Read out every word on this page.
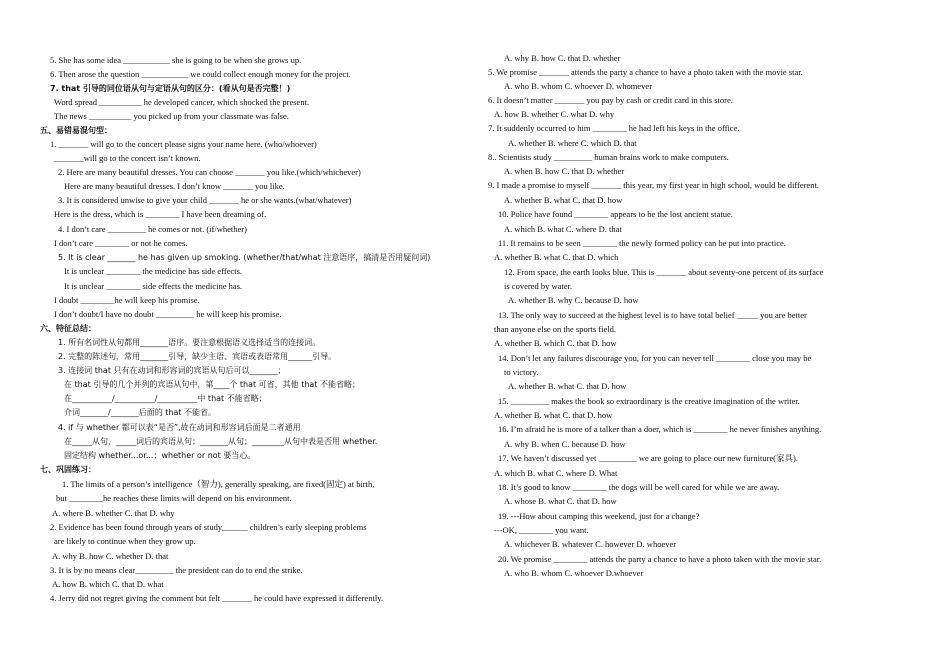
5. She has some idea ___________ she is going to be when she grows up.
6. Then arose the question ___________ we could collect enough money for the project.
7. that 引导的同位语从句与定语从句的区分：(看从句是否完整！)
Word spread __________ he developed cancer, which shocked the present.
The news __________ you picked up from your classmate was false.
五、易错易混句型：
1. _______ will go to the concert please signs your name here. (who/whoever)
_______will go to the concert isn’t known.
2. Here are many beautiful dresses. You can choose _______ you like.(which/whichever)
Here are many beautiful dresses. I don’t know _______ you like.
3. It is considered unwise to give your child _______ he or she wants.(what/whatever)
Here is the dress, which is ________ I have been dreaming of.
4. I don’t care _________ he comes or not. (if/whether)
I don’t care ________ or not he comes.
5. It is clear _______ he has given up smoking. (whether/that/what 注意语序，搞清是否用疑问词)
It is unclear ________ the medicine has side effects.
It is unclear ________ side effects the medicine has.
I doubt ________he will keep his promise.
I don’t doubt/I have no doubt _________ he will keep his promise.
六、特征总结：
1. 所有名词性从句都用_______语序。要注意根据语义选择适当的连接词。
2. 完整的陈述句，常用_______引导，缺少主语、宾语或表语常用______引导。
3. 连接词 that 只有在动词和形容词的宾语从句后可以_______；
在 that 引导的几个并列的宾语从句中，第____个 that 可省，其他 that 不能省略；
在__________/__________/__________中 that 不能省略；
介词_______/_______后面的 that 不能省。
4. if 与 whether 都可以表“是否”,故在动词和形容词后面是二者通用
在_____从句，_____词后的宾语从句；_______从句；________从句中表是否用 whether.
固定结构 whether...or...；whether or not 要当心。
七、巩固练习：
1. The limits of a person’s intelligence（智力), generally speaking, are fixed(固定) at birth,
but ________he reaches these limits will depend on his environment.
A. where B. whether C. that D. why
2. Evidence has been found through years of study______ children’s early sleeping problems
are likely to continue when they grow up.
A. why B. how C. whether D. that
3. It is by no means clear_________ the president can do to end the strike.
A. how B. which C. that D. what
4. Jerry did not regret giving the comment but felt _______ he could have expressed it differently.
A. why B. how C. that D. whether
5. We promise _______ attends the party a chance to have a photo taken with the movie star.
A. who B. whom C. whoever D. whomever
6. It doesn’t matter _______ you pay by cash or credit card in this store.
A. how B. whether C. what D. why
7. It suddenly occurred to him ________ he had left his keys in the office.
A. whether B. where C. which D. that
8.. Scientists study _________ human brains work to make computers.
A. when B. how C. that D. whether
9. I made a promise to myself _______ this year, my first year in high school, would be different.
A. whether B. what C. that D. how
10. Police have found ________ appears to be the lost ancient statue.
A. which B. what C. where D. that
11. It remains to be seen ________ the newly formed policy can be put into practice.
A. whether B. what C. that D. which
12. From space, the earth looks blue. This is _______ about seventy-one percent of its surface
is covered by water.
A. whether B. why C. because D. how
13. The only way to succeed at the highest level is to have total belief _____ you are better
than anyone else on the sports field.
A. whether B. which C. that D. how
14. Don’t let any failures discourage you, for you can never tell ________ close you may be
to victory.
A. whether B. what C. that D. how
15. _________ makes the book so extraordinary is the creative imagination of the writer.
A. whether B. what C. that D. how
16. I’m afraid he is more of a talker than a doer, which is ________ he never finishes anything.
A. why B. when C. because D. how
17. We haven’t discussed yet _________ we are going to place our new furniture(家具).
A. which B. what C. where D. What
18. It’s good to know ________ the dogs will be well cared for while we are away.
A. whose B. what C. that D. how
19. ---How about camping this weekend, just for a change?
---OK, ________ you want.
A. whichever B. whatever C. however D. whoever
20. We promise ________ attends the party a chance to have a photo taken with the movie star.
A. who B. whom C. whoever D.whoever
